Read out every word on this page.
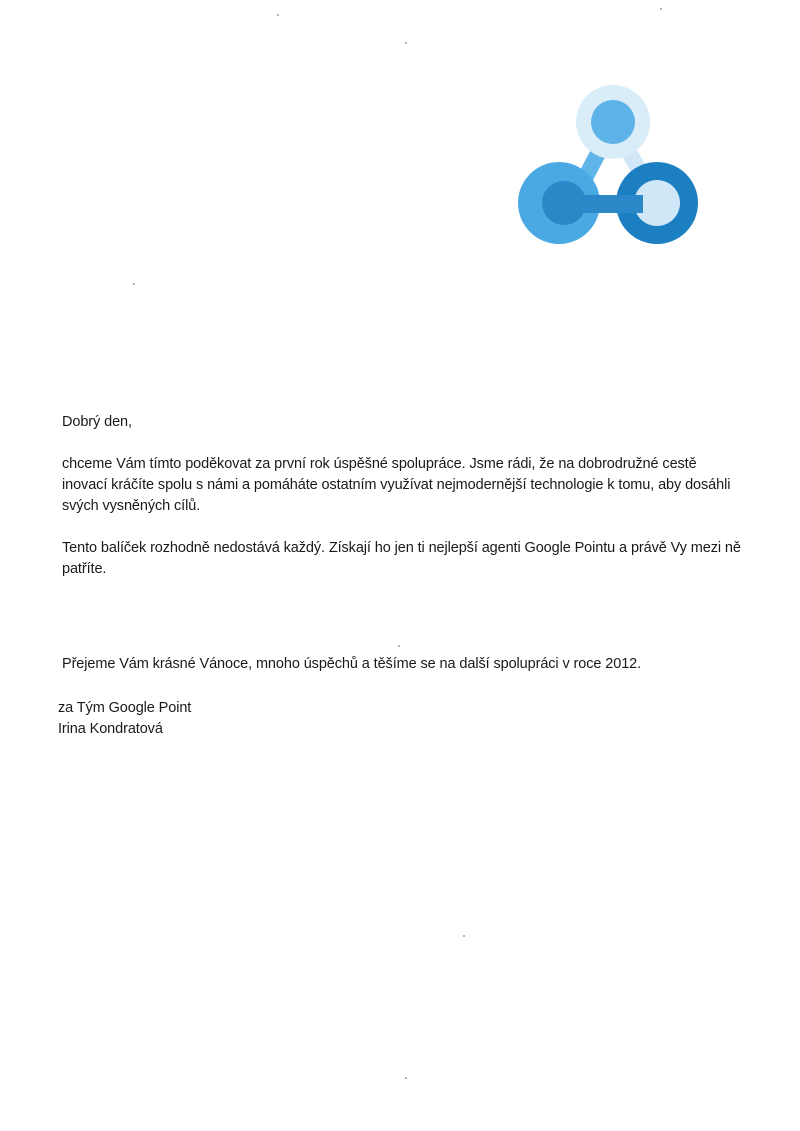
Dobrý den,

chceme Vám tímto poděkovat za první rok úspěšné spolupráce. Jsme rádi, že na dobrodružné cestě inovací kráčíte spolu s námi a pomáháte ostatním využívat nejmodernější technologie k tomu, aby dosáhli svých vysněných cílů.

Tento balíček rozhodně nedostává každý. Získají ho jen ti nejlepší agenti Google Pointu a právě Vy mezi ně patříte.

Přejeme Vám krásné Vánoce, mnoho úspěchů a těšíme se na další spolupráci v roce 2012.

za Tým Google Point
Irina Kondratová
